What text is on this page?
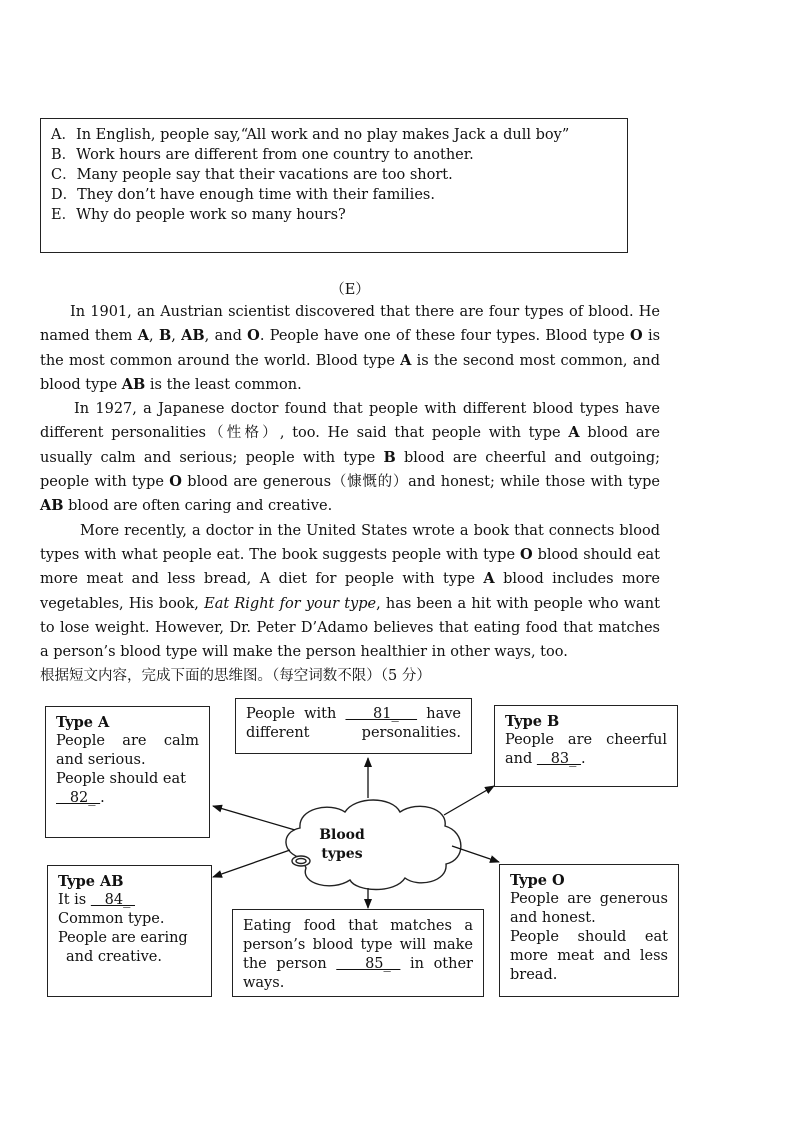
A．In English, people say,“All work and no play makes Jack a dull boy”
B．Work hours are different from one country to another.
C．Many people say that their vacations are too short.
D．They don’t have enough time with their families.
E．Why do people work so many hours?
（E）

In 1901, an Austrian scientist discovered that there are four types of blood. He named them A, B, AB, and O. People have one of these four types. Blood type O is the most common around the world. Blood type A is the second most common, and blood type AB is the least common.

In 1927, a Japanese doctor found that people with different blood types have different personalities（性格）, too. He said that people with type A blood are usually calm and serious; people with type B blood are cheerful and outgoing; people with type O blood are generous（慷慨的）and honest; while those with type AB blood are often caring and creative.

More recently, a doctor in the United States wrote a book that connects blood types with what people eat. The book suggests people with type O blood should eat more meat and less bread, A diet for people with type A blood includes more vegetables, His book, Eat Right for your type, has been a hit with people who want to lose weight. However, Dr. Peter D’Adamo believes that eating food that matches a person’s blood type will make the person healthier in other ways, too.

根据短文内容，完成下面的思维图。（每空词数不限）（5 分）

Blood types
People with    81_   have different personalities.
Type A
People are calm
and serious.
People should eat
82_ .
Type B
People are cheerful
and    83_ .
Type AB
It is    84_
Common type.
People are earing
and creative.
Eating food that matches a
person’s blood type will make
the person    85_  in other
ways.
Type O
People are generous
and honest.
People should eat
more meat and less
bread.
